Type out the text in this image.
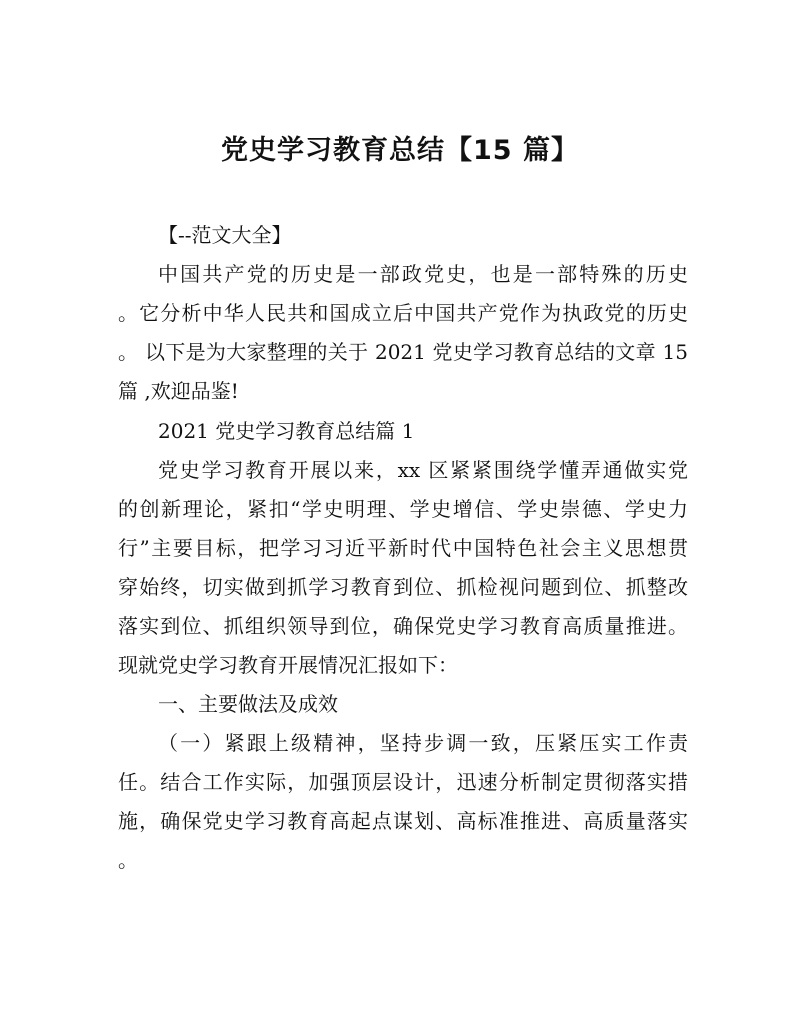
党史学习教育总结【15 篇】
【--范文大全】
中国共产党的历史是一部政党史，也是一部特殊的历史
。它分析中华人民共和国成立后中国共产党作为执政党的历史
。 以下是为大家整理的关于 2021 党史学习教育总结的文章 15
篇 ,欢迎品鉴!
2021 党史学习教育总结篇 1
党史学习教育开展以来，xx 区紧紧围绕学懂弄通做实党
的创新理论，紧扣“学史明理、学史增信、学史崇德、学史力
行”主要目标，把学习习近平新时代中国特色社会主义思想贯
穿始终，切实做到抓学习教育到位、抓检视问题到位、抓整改
落实到位、抓组织领导到位，确保党史学习教育高质量推进。
现就党史学习教育开展情况汇报如下：
一、主要做法及成效
（一）紧跟上级精神，坚持步调一致，压紧压实工作责
任。结合工作实际，加强顶层设计，迅速分析制定贯彻落实措
施，确保党史学习教育高起点谋划、高标准推进、高质量落实
。
